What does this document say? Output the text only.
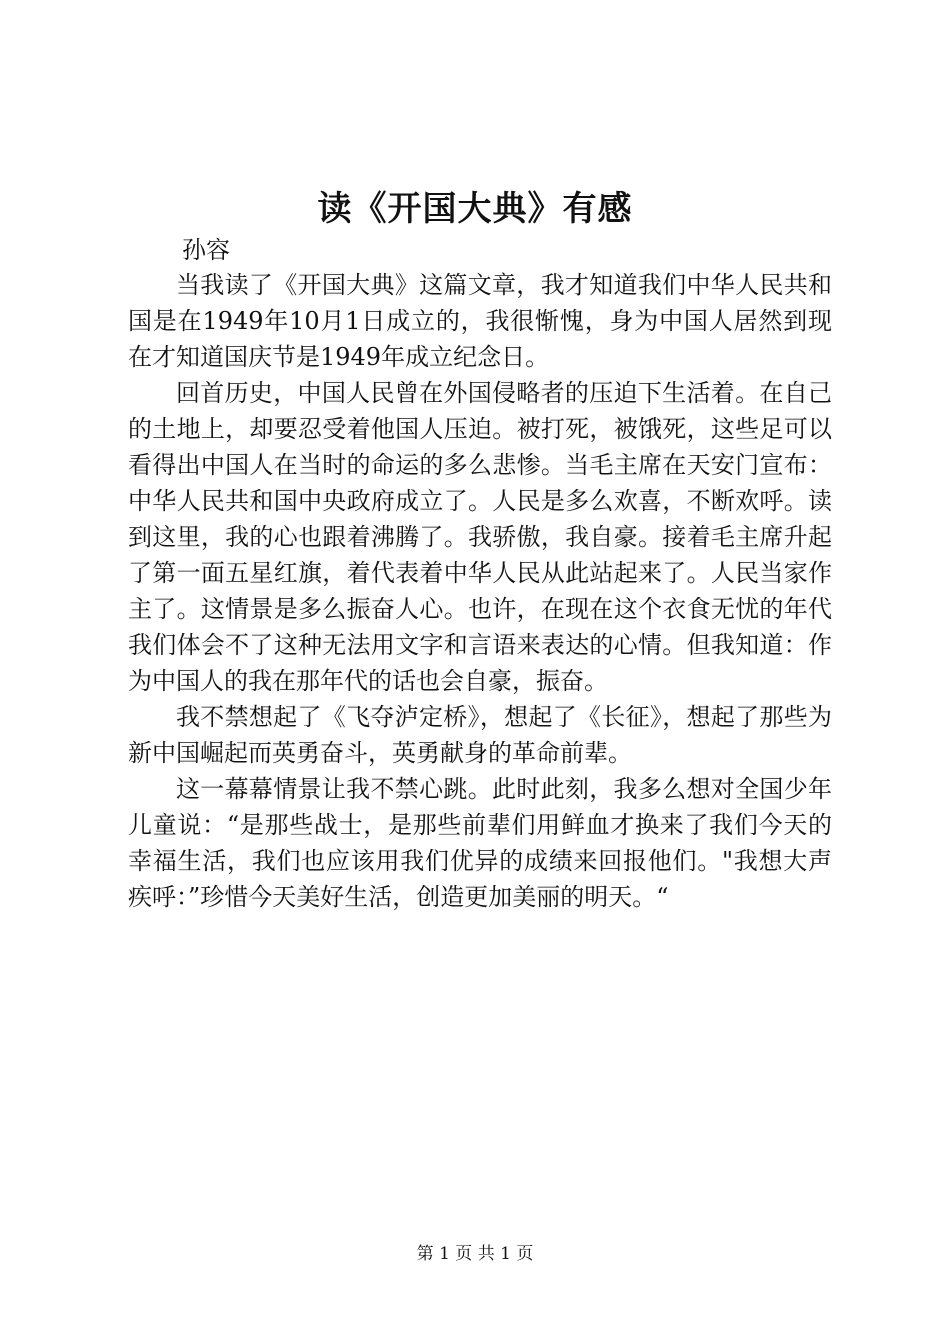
读《开国大典》有感
孙容

当我读了《开国大典》这篇文章，我才知道我们中华人民共和国是在1949年10月1日成立的，我很惭愧，身为中国人居然到现在才知道国庆节是1949年成立纪念日。

回首历史，中国人民曾在外国侵略者的压迫下生活着。在自己的土地上，却要忍受着他国人压迫。被打死，被饿死，这些足可以看得出中国人在当时的命运的多么悲惨。当毛主席在天安门宣布：中华人民共和国中央政府成立了。人民是多么欢喜，不断欢呼。读到这里，我的心也跟着沸腾了。我骄傲，我自豪。接着毛主席升起了第一面五星红旗，着代表着中华人民从此站起来了。人民当家作主了。这情景是多么振奋人心。也许，在现在这个衣食无忧的年代我们体会不了这种无法用文字和言语来表达的心情。但我知道：作为中国人的我在那年代的话也会自豪，振奋。

我不禁想起了《飞夺泸定桥》，想起了《长征》，想起了那些为新中国崛起而英勇奋斗，英勇献身的革命前辈。

这一幕幕情景让我不禁心跳。此时此刻，我多么想对全国少年儿童说：“是那些战士，是那些前辈们用鲜血才换来了我们今天的幸福生活，我们也应该用我们优异的成绩来回报他们。"我想大声疾呼：”珍惜今天美好生活，创造更加美丽的明天。“

第 1 页 共 1 页
